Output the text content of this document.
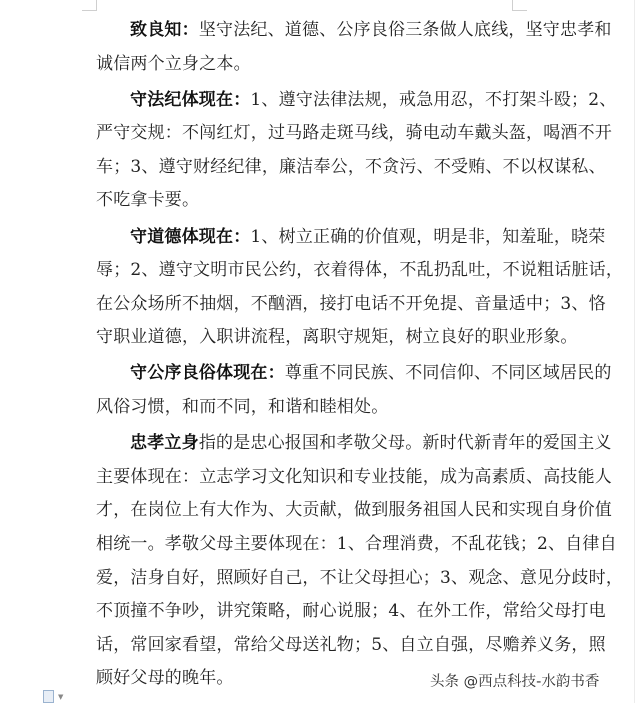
致良知：坚守法纪、道德、公序良俗三条做人底线，坚守忠孝和
诚信两个立身之本。
守法纪体现在：1、遵守法律法规，戒急用忍，不打架斗殴；2、
严守交规：不闯红灯，过马路走斑马线，骑电动车戴头盔，喝酒不开
车；3、遵守财经纪律，廉洁奉公，不贪污、不受贿、不以权谋私、
不吃拿卡要。
守道德体现在：1、树立正确的价值观，明是非，知羞耻，晓荣
辱；2、遵守文明市民公约，衣着得体，不乱扔乱吐，不说粗话脏话，
在公众场所不抽烟，不酗酒，接打电话不开免提、音量适中；3、恪
守职业道德，入职讲流程，离职守规矩，树立良好的职业形象。
守公序良俗体现在：尊重不同民族、不同信仰、不同区域居民的
风俗习惯，和而不同，和谐和睦相处。
忠孝立身指的是忠心报国和孝敬父母。新时代新青年的爱国主义
主要体现在：立志学习文化知识和专业技能，成为高素质、高技能人
才，在岗位上有大作为、大贡献，做到服务祖国人民和实现自身价值
相统一。孝敬父母主要体现在：1、合理消费，不乱花钱；2、自律自
爱，洁身自好，照顾好自己，不让父母担心；3、观念、意见分歧时，
不顶撞不争吵，讲究策略，耐心说服；4、在外工作，常给父母打电
话，常回家看望，常给父母送礼物；5、自立自强，尽赡养义务，照
顾好父母的晚年。
▼
头条 @西点科技-水韵书香
